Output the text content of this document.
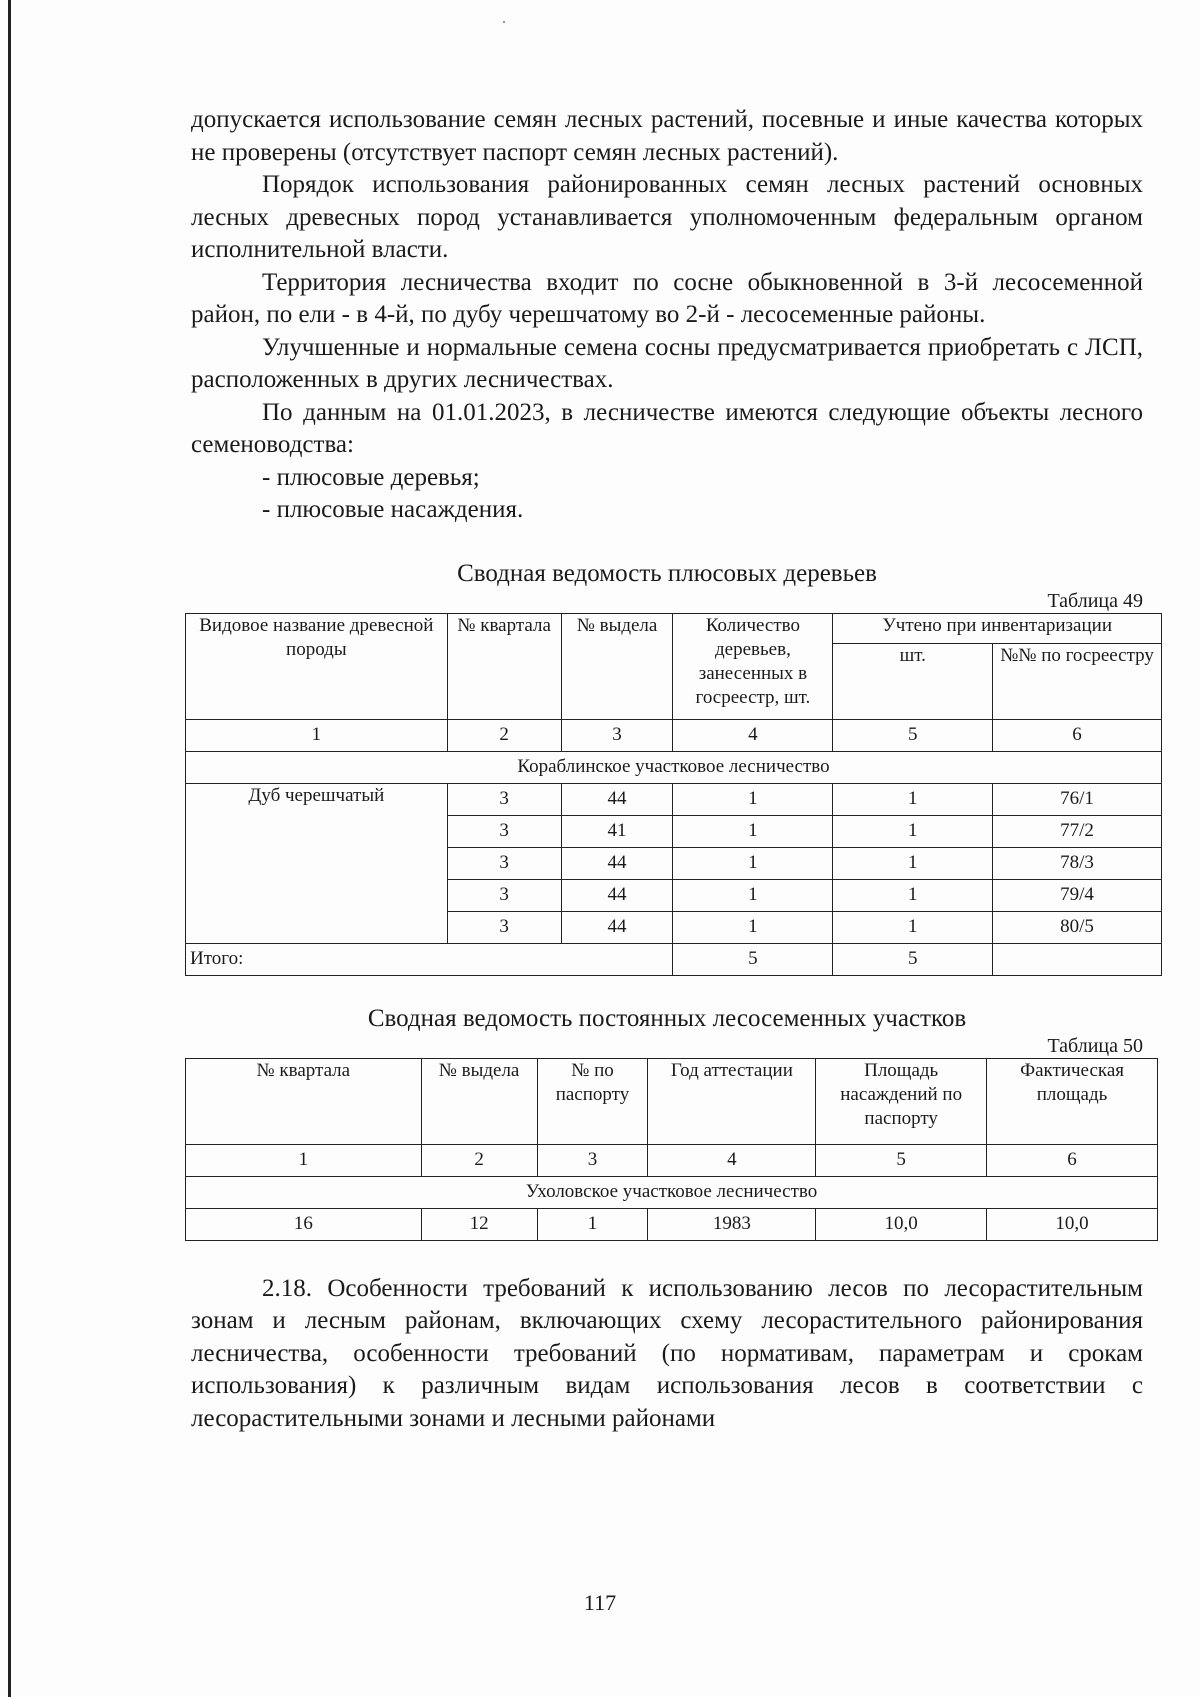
допускается использование семян лесных растений, посевные и иные качества которых не проверены (отсутствует паспорт семян лесных растений).

Порядок использования районированных семян лесных растений основных лесных древесных пород устанавливается уполномоченным федеральным органом исполнительной власти.

Территория лесничества входит по сосне обыкновенной в 3-й лесосеменной район, по ели - в 4-й, по дубу черешчатому во 2-й - лесосеменные районы.

Улучшенные и нормальные семена сосны предусматривается приобретать с ЛСП, расположенных в других лесничествах.

По данным на 01.01.2023, в лесничестве имеются следующие объекты лесного семеноводства:

- плюсовые деревья;
- плюсовые насаждения.
Сводная ведомость плюсовых деревьев
Таблица 49
Видовое название древесной породы	№ квартала	№ выдела	Количество деревьев, занесенных в госреестр, шт.	Учтено при инвентаризации	
				шт.	№№ по госреестру
1	2	3	4	5	6
Кораблинское участковое лесничество					
Дуб черешчатый	3	44	1	1	76/1
	3	41	1	1	77/2
	3	44	1	1	78/3
	3	44	1	1	79/4
	3	44	1	1	80/5
Итого:			5	5	
Сводная ведомость постоянных лесосеменных участков
Таблица 50
№ квартала	№ выдела	№ по паспорту	Год аттестации	Площадь насаждений по паспорту	Фактическая площадь
1	2	3	4	5	6
Ухоловское участковое лесничество					
16	12	1	1983	10,0	10,0

2.18. Особенности требований к использованию лесов по лесорастительным зонам и лесным районам, включающих схему лесорастительного районирования лесничества, особенности требований (по нормативам, параметрам и срокам использования) к различным видам использования лесов в соответствии с лесорастительными зонами и лесными районами

117
